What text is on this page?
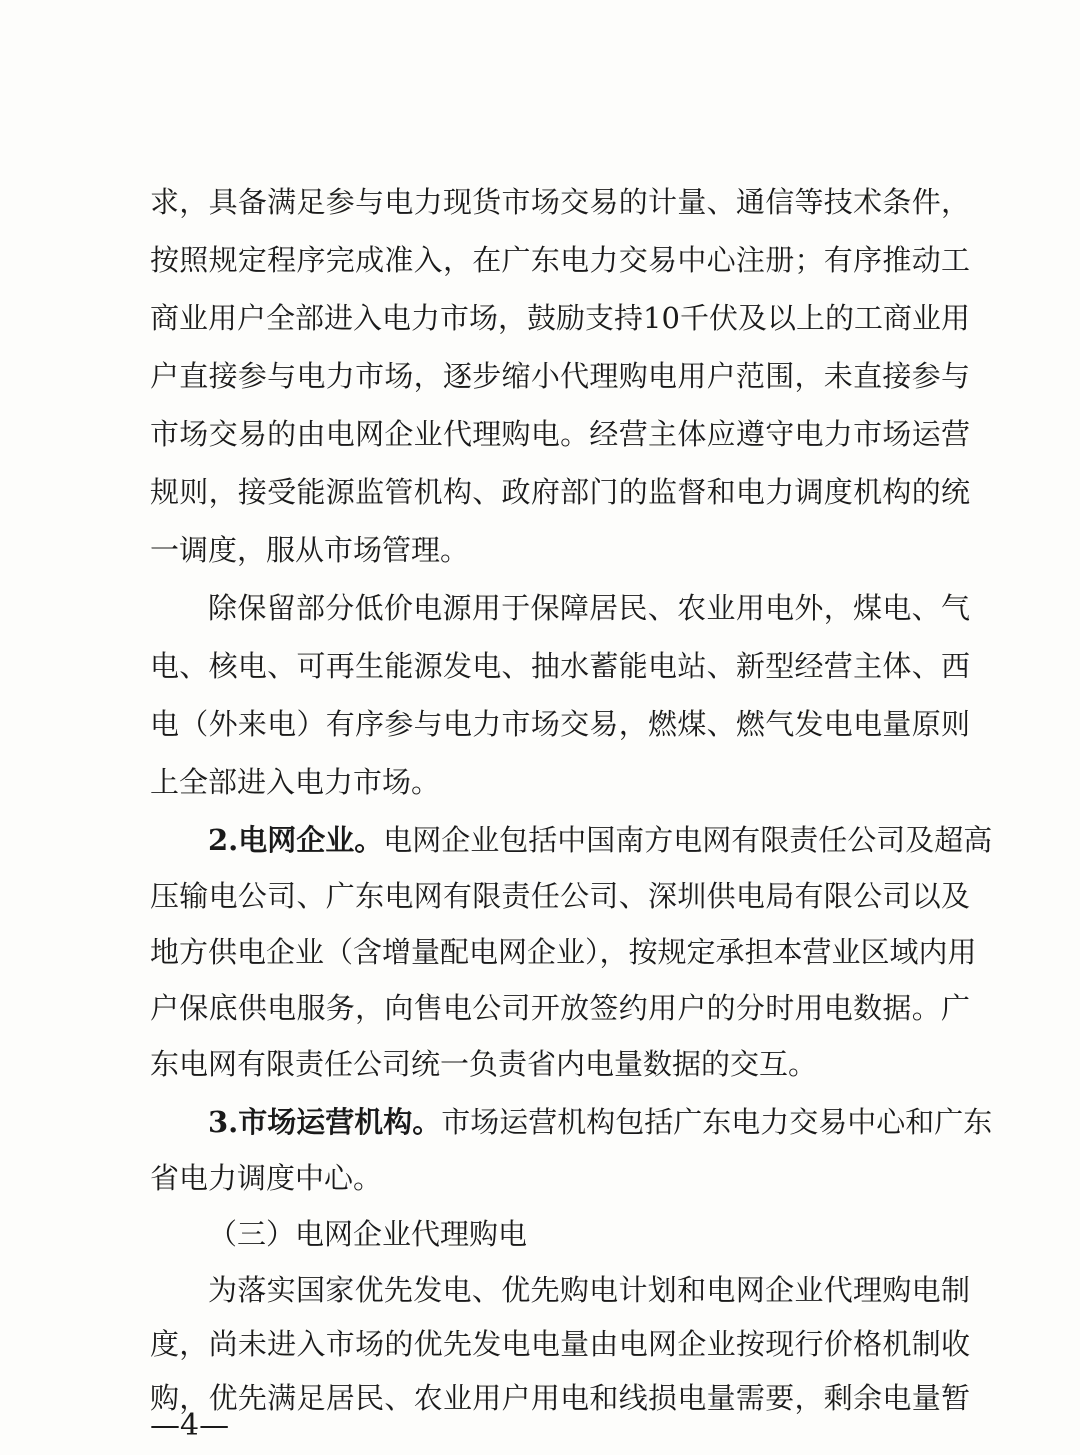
求，具备满足参与电力现货市场交易的计量、通信等技术条件，
按照规定程序完成准入，在广东电力交易中心注册；有序推动工
商业用户全部进入电力市场，鼓励支持10千伏及以上的工商业用
户直接参与电力市场，逐步缩小代理购电用户范围，未直接参与
市场交易的由电网企业代理购电。经营主体应遵守电力市场运营
规则，接受能源监管机构、政府部门的监督和电力调度机构的统
一调度，服从市场管理。
除保留部分低价电源用于保障居民、农业用电外，煤电、气
电、核电、可再生能源发电、抽水蓄能电站、新型经营主体、西
电（外来电）有序参与电力市场交易，燃煤、燃气发电电量原则
上全部进入电力市场。
2.电网企业。电网企业包括中国南方电网有限责任公司及超高
压输电公司、广东电网有限责任公司、深圳供电局有限公司以及
地方供电企业（含增量配电网企业），按规定承担本营业区域内用
户保底供电服务，向售电公司开放签约用户的分时用电数据。广
东电网有限责任公司统一负责省内电量数据的交互。
3.市场运营机构。市场运营机构包括广东电力交易中心和广东
省电力调度中心。
（三）电网企业代理购电
为落实国家优先发电、优先购电计划和电网企业代理购电制
度，尚未进入市场的优先发电电量由电网企业按现行价格机制收
购，优先满足居民、农业用户用电和线损电量需要，剩余电量暂
—4—
